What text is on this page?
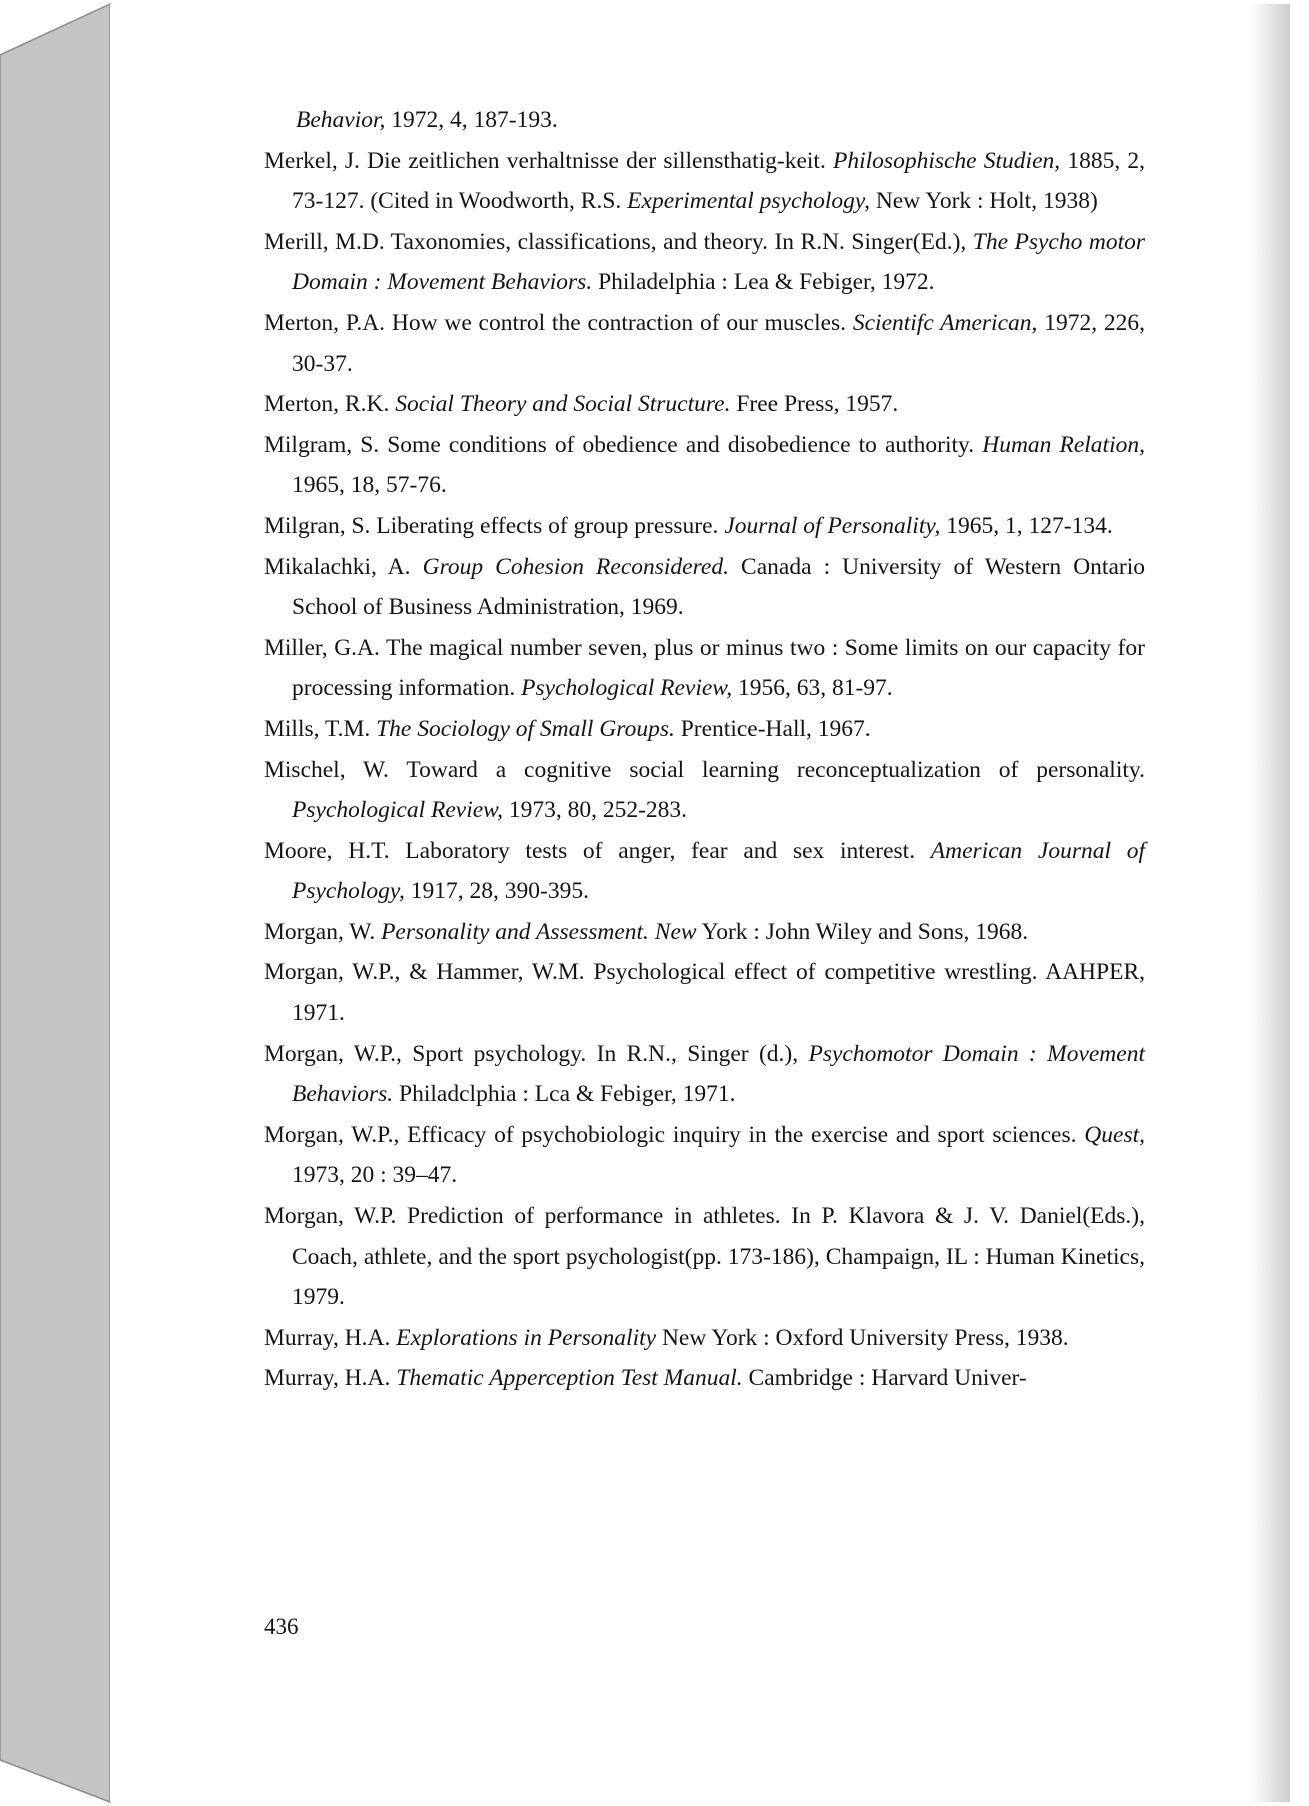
Behavior, 1972, 4, 187-193.

Merkel, J. Die zeitlichen verhaltnisse der sillensthatig-keit. Philosophische Studien, 1885, 2, 73-127. (Cited in Woodworth, R.S. Experimental psychology, New York : Holt, 1938)

Merill, M.D. Taxonomies, classifications, and theory. In R.N. Singer(Ed.), The Psycho motor Domain : Movement Behaviors. Philadelphia : Lea & Febiger, 1972.

Merton, P.A. How we control the contraction of our muscles. Scientifc American, 1972, 226, 30-37.

Merton, R.K. Social Theory and Social Structure. Free Press, 1957.

Milgram, S. Some conditions of obedience and disobedience to authority. Human Relation, 1965, 18, 57-76.

Milgran, S. Liberating effects of group pressure. Journal of Personality, 1965, 1, 127-134.

Mikalachki, A. Group Cohesion Reconsidered. Canada : University of Western Ontario School of Business Administration, 1969.

Miller, G.A. The magical number seven, plus or minus two : Some limits on our capacity for processing information. Psychological Review, 1956, 63, 81-97.

Mills, T.M. The Sociology of Small Groups. Prentice-Hall, 1967.

Mischel, W. Toward a cognitive social learning reconceptualization of personality. Psychological Review, 1973, 80, 252-283.

Moore, H.T. Laboratory tests of anger, fear and sex interest. American Journal of Psychology, 1917, 28, 390-395.

Morgan, W. Personality and Assessment. New York : John Wiley and Sons, 1968.

Morgan, W.P., & Hammer, W.M. Psychological effect of competitive wrestling. AAHPER, 1971.

Morgan, W.P., Sport psychology. In R.N., Singer (d.), Psychomotor Domain : Movement Behaviors. Philadclphia : Lca & Febiger, 1971.

Morgan, W.P., Efficacy of psychobiologic inquiry in the exercise and sport sciences. Quest, 1973, 20 : 39–47.

Morgan, W.P. Prediction of performance in athletes. In P. Klavora & J. V. Daniel(Eds.), Coach, athlete, and the sport psychologist(pp. 173-186), Champaign, IL : Human Kinetics, 1979.

Murray, H.A. Explorations in Personality New York : Oxford University Press, 1938.

Murray, H.A. Thematic Apperception Test Manual. Cambridge : Harvard Univer-

436
